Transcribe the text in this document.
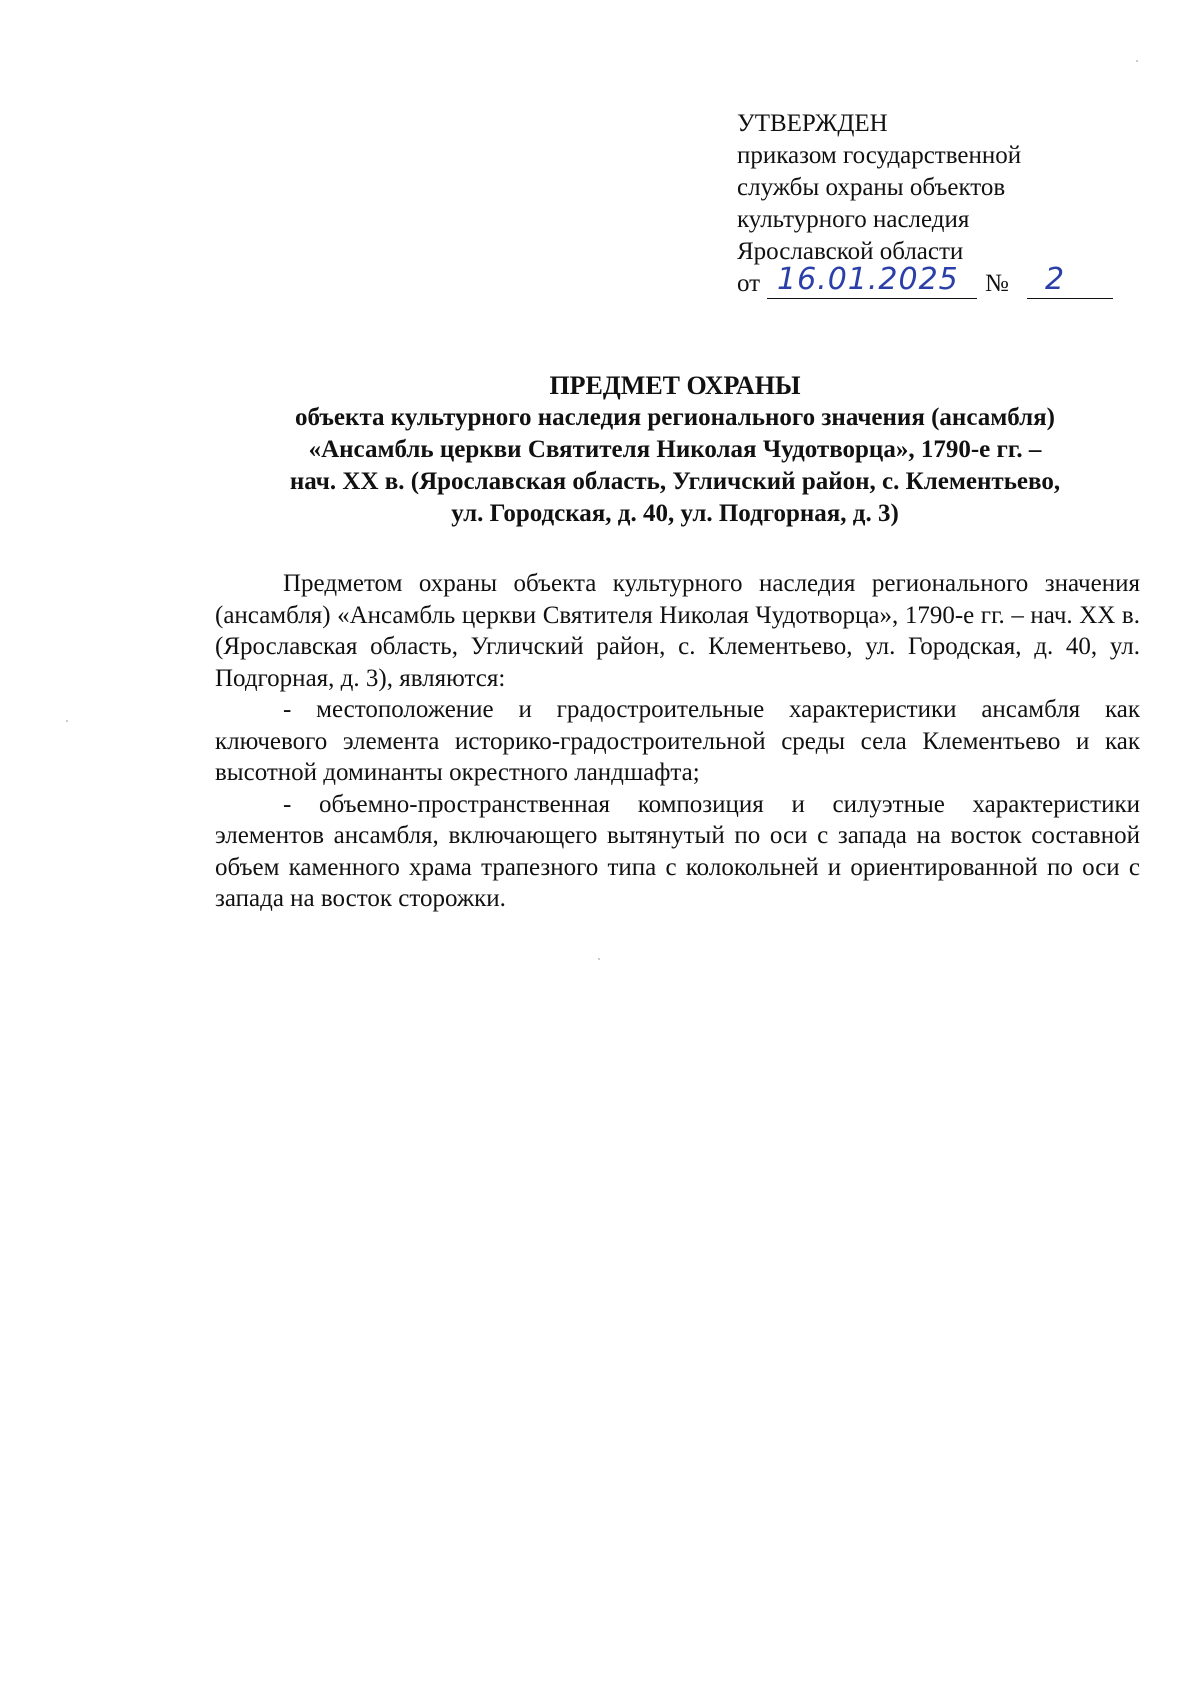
УТВЕРЖДЕН
приказом государственной
службы охраны объектов
культурного наследия
Ярославской области
от 16.01.2025 № 2
ПРЕДМЕТ ОХРАНЫ
объекта культурного наследия регионального значения (ансамбля)
«Ансамбль церкви Святителя Николая Чудотворца», 1790-е гг. –
нач. XX в. (Ярославская область, Угличский район, с. Клементьево,
ул. Городская, д. 40, ул. Подгорная, д. 3)

Предметом охраны объекта культурного наследия регионального значения (ансамбля) «Ансамбль церкви Святителя Николая Чудотворца», 1790-е гг. – нач. XX в. (Ярославская область, Угличский район, с. Клементьево, ул. Городская, д. 40, ул. Подгорная, д. 3), являются:

- местоположение и градостроительные характеристики ансамбля как ключевого элемента историко-градостроительной среды села Клементьево и как высотной доминанты окрестного ландшафта;

- объемно-пространственная композиция и силуэтные характеристики элементов ансамбля, включающего вытянутый по оси с запада на восток составной объем каменного храма трапезного типа с колокольней и ориентированной по оси с запада на восток сторожки.
